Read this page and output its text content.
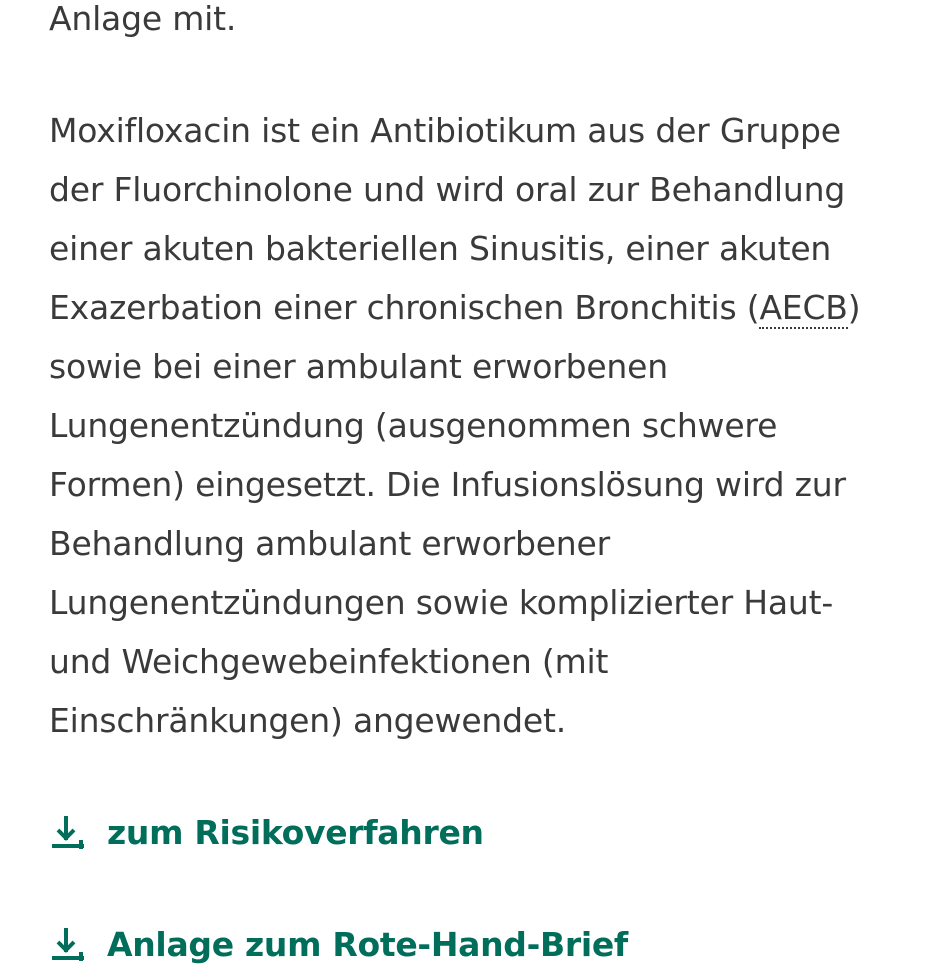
Anlage mit.
Moxifloxacin ist ein Antibiotikum aus der Gruppe
der Fluorchinolone und wird oral zur Behandlung
einer akuten bakteriellen Sinusitis, einer akuten
Exazerbation einer chronischen Bronchitis (AECB)
sowie bei einer ambulant erworbenen
Lungenentzündung (ausgenommen schwere
Formen) eingesetzt. Die Infusionslösung wird zur
Behandlung ambulant erworbener
Lungenentzündungen sowie komplizierter Haut-
und Weichgewebeinfektionen (mit
Einschränkungen) angewendet.
zum Risikoverfahren
Anlage zum Rote-Hand-Brief
